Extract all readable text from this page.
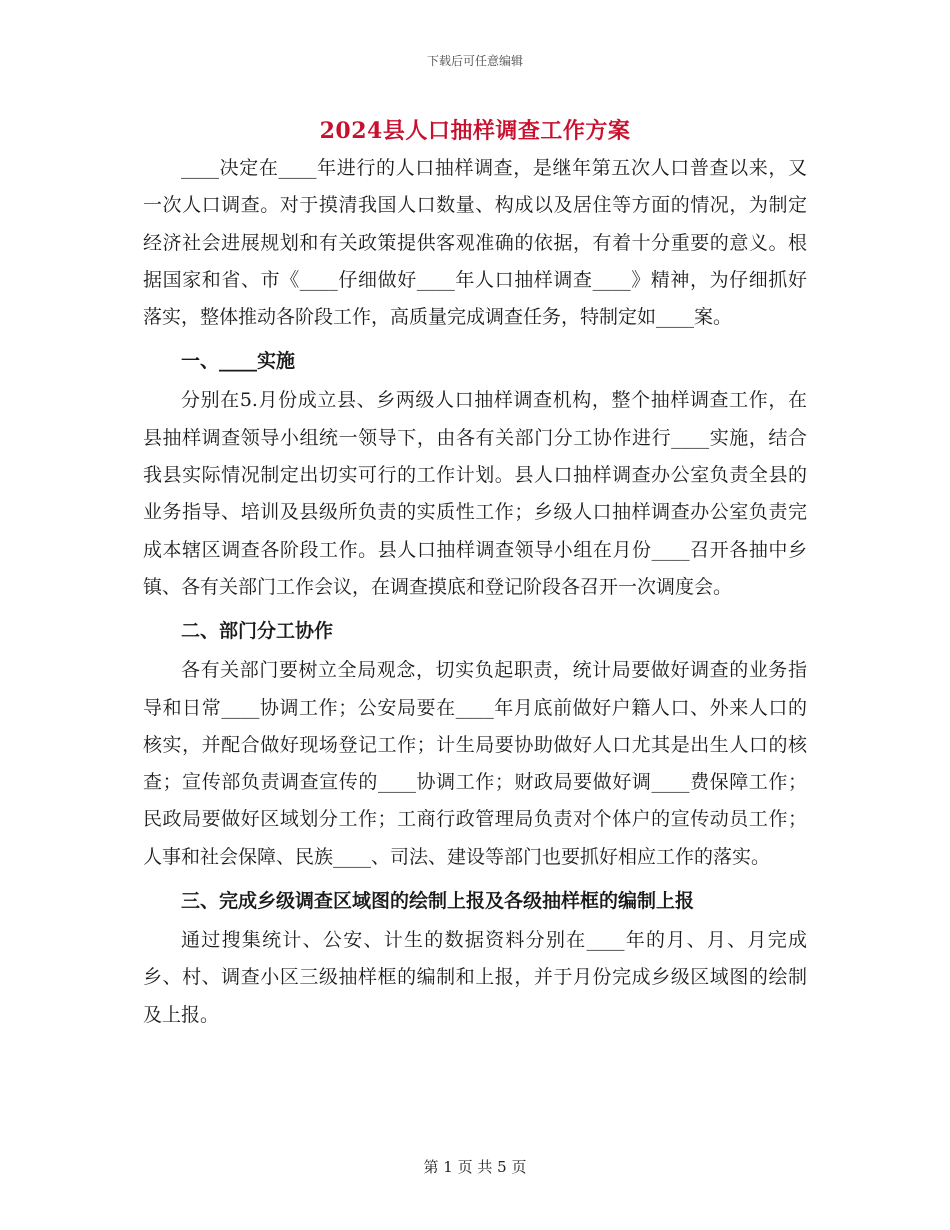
下载后可任意编辑
2024县人口抽样调查工作方案

____决定在____年进行的人口抽样调查，是继年第五次人口普查以来，又一次人口调查。对于摸清我国人口数量、构成以及居住等方面的情况，为制定经济社会进展规划和有关政策提供客观准确的依据，有着十分重要的意义。根据国家和省、市《____仔细做好____年人口抽样调查____》精神，为仔细抓好落实，整体推动各阶段工作，高质量完成调查任务，特制定如____案。

一、____实施

分别在5.月份成立县、乡两级人口抽样调查机构，整个抽样调查工作，在县抽样调查领导小组统一领导下，由各有关部门分工协作进行____实施，结合我县实际情况制定出切实可行的工作计划。县人口抽样调查办公室负责全县的业务指导、培训及县级所负责的实质性工作；乡级人口抽样调查办公室负责完成本辖区调查各阶段工作。县人口抽样调查领导小组在月份____召开各抽中乡镇、各有关部门工作会议，在调查摸底和登记阶段各召开一次调度会。

二、部门分工协作

各有关部门要树立全局观念，切实负起职责，统计局要做好调查的业务指导和日常____协调工作；公安局要在____年月底前做好户籍人口、外来人口的核实，并配合做好现场登记工作；计生局要协助做好人口尤其是出生人口的核查；宣传部负责调查宣传的____协调工作；财政局要做好调____费保障工作；民政局要做好区域划分工作；工商行政管理局负责对个体户的宣传动员工作；人事和社会保障、民族____、司法、建设等部门也要抓好相应工作的落实。

三、完成乡级调查区域图的绘制上报及各级抽样框的编制上报

通过搜集统计、公安、计生的数据资料分别在____年的月、月、月完成乡、村、调查小区三级抽样框的编制和上报，并于月份完成乡级区域图的绘制及上报。

第 1 页 共 5 页
